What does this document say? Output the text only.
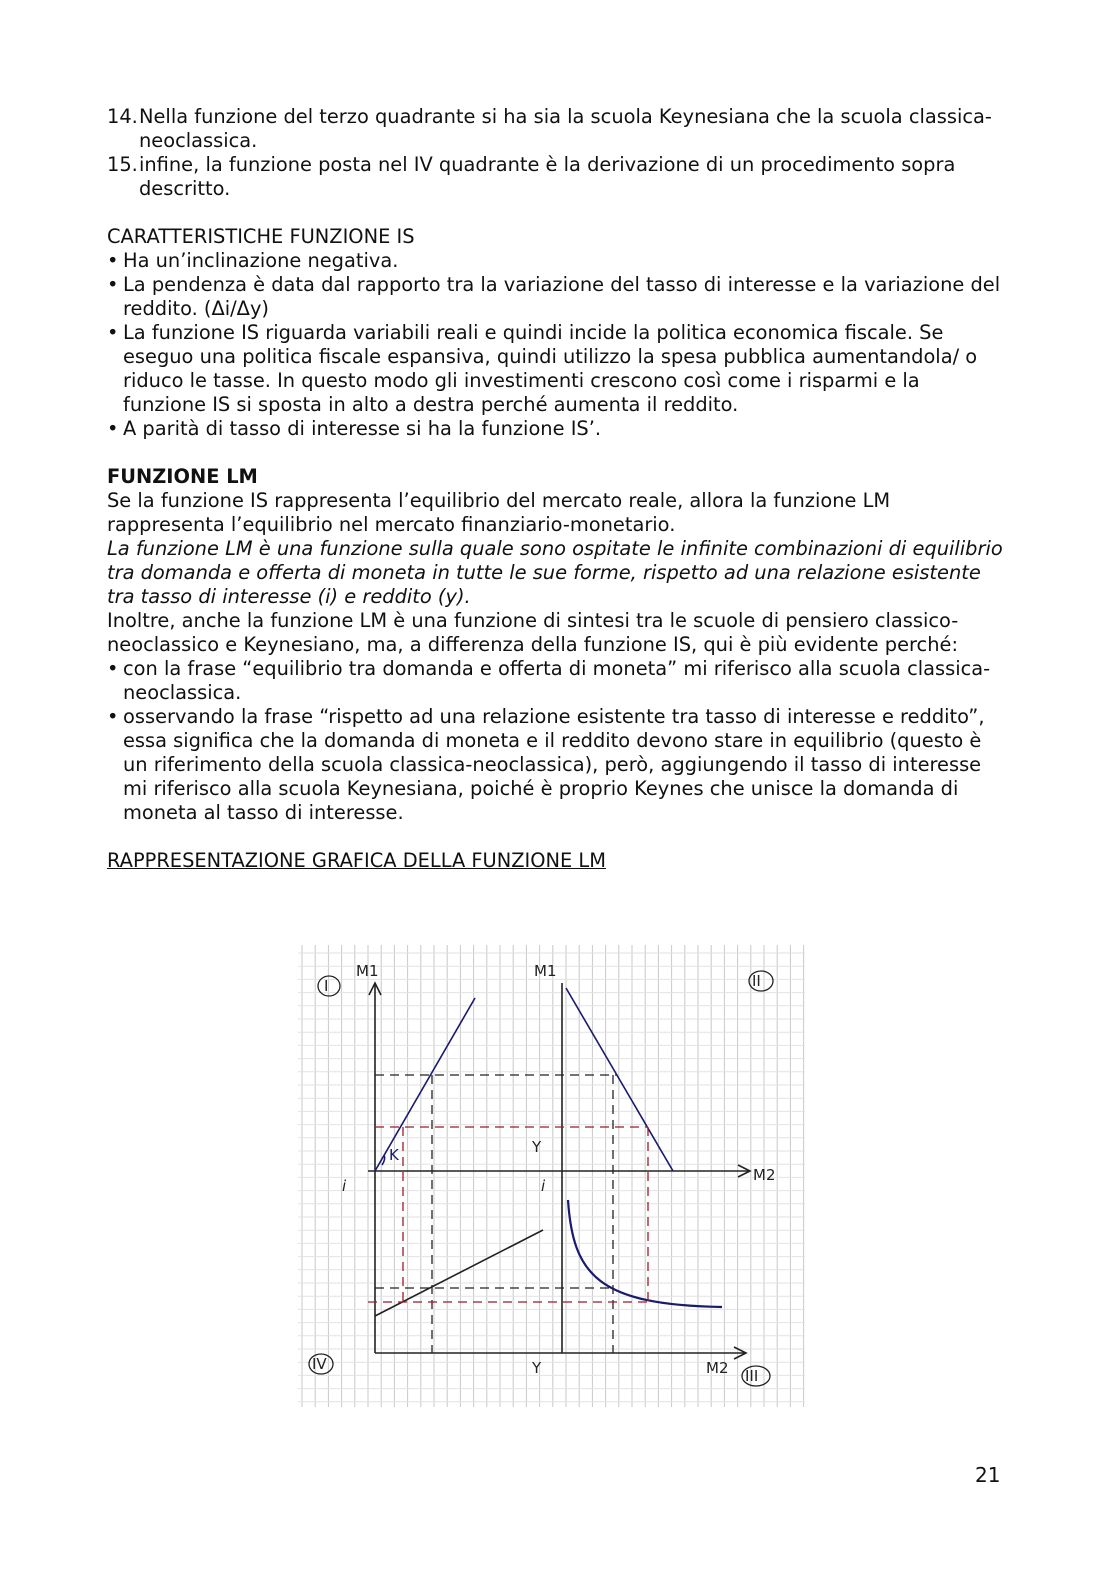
14. Nella funzione del terzo quadrante si ha sia la scuola Keynesiana che la scuola classica-neoclassica.

15. infine, la funzione posta nel IV quadrante è la derivazione di un procedimento sopra descritto.

CARATTERISTICHE FUNZIONE IS

• Ha un’inclinazione negativa.

• La pendenza è data dal rapporto tra la variazione del tasso di interesse e la variazione del reddito. (Δi/Δy)

• La funzione IS riguarda variabili reali e quindi incide la politica economica fiscale. Se eseguo una politica fiscale espansiva, quindi utilizzo la spesa pubblica aumentandola/ o riduco le tasse. In questo modo gli investimenti crescono così come i risparmi e la funzione IS si sposta in alto a destra perché aumenta il reddito.

• A parità di tasso di interesse si ha la funzione IS’.

FUNZIONE LM

Se la funzione IS rappresenta l’equilibrio del mercato reale, allora la funzione LM rappresenta l’equilibrio nel mercato finanziario-monetario.

La funzione LM è una funzione sulla quale sono ospitate le infinite combinazioni di equilibrio tra domanda e offerta di moneta in tutte le sue forme, rispetto ad una relazione esistente tra tasso di interesse (i) e reddito (y).

Inoltre, anche la funzione LM è una funzione di sintesi tra le scuole di pensiero classico-neoclassico e Keynesiano, ma, a differenza della funzione IS, qui è più evidente perché:

• con la frase “equilibrio tra domanda e offerta di moneta” mi riferisco alla scuola classica-neoclassica.

• osservando la frase “rispetto ad una relazione esistente tra tasso di interesse e reddito”, essa significa che la domanda di moneta e il reddito devono stare in equilibrio (questo è un riferimento della scuola classica-neoclassica), però, aggiungendo il tasso di interesse mi riferisco alla scuola Keynesiana, poiché è proprio Keynes che unisce la domanda di moneta al tasso di interesse.

RAPPRESENTAZIONE GRAFICA DELLA FUNZIONE LM

I	II
III
IV
M1	M1
M2
M2
i	i
Y
Y
K
21
